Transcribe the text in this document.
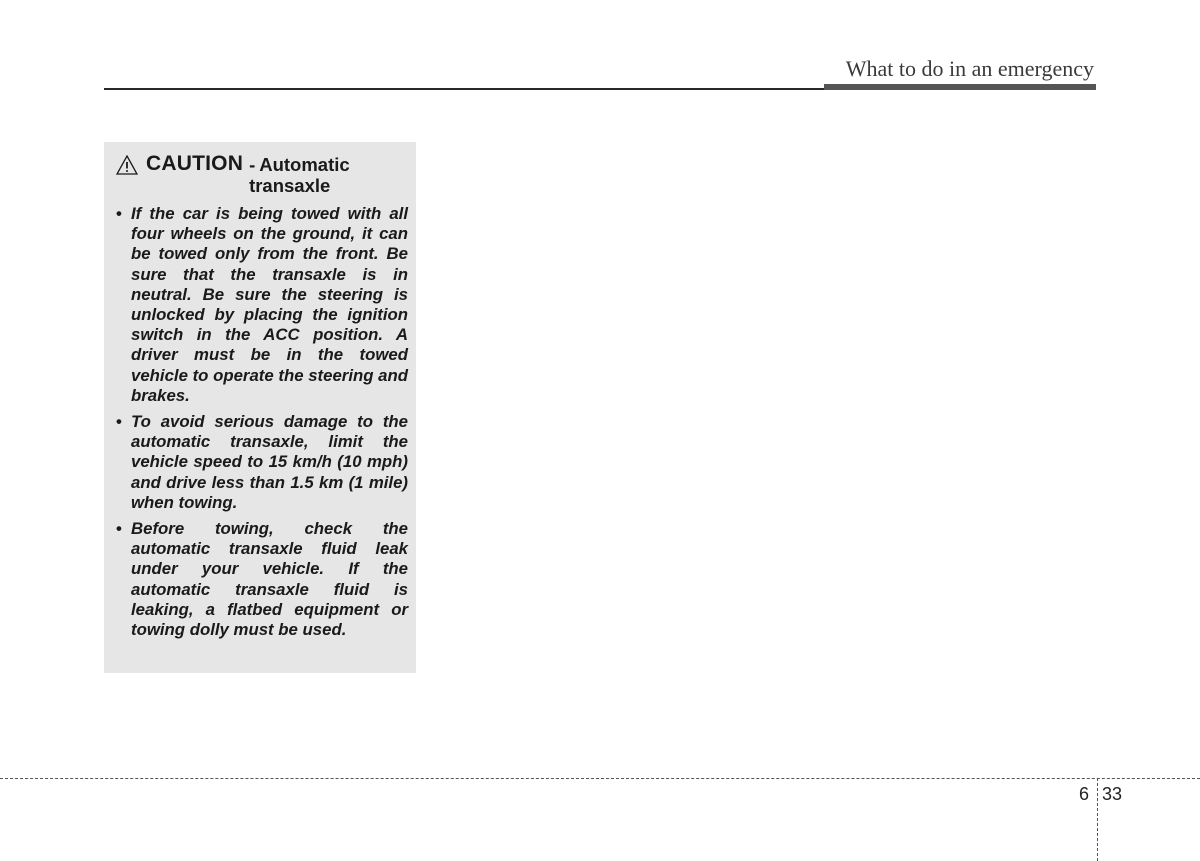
What to do in an emergency
CAUTION - Automatic transaxle
• If the car is being towed with all four wheels on the ground, it can be towed only from the front. Be sure that the transaxle is in neutral. Be sure the steering is unlocked by placing the ignition switch in the ACC position. A driver must be in the towed vehicle to operate the steering and brakes.
• To avoid serious damage to the automatic transaxle, limit the vehicle speed to 15 km/h (10 mph) and drive less than 1.5 km (1 mile) when towing.
• Before towing, check the automatic transaxle fluid leak under your vehicle. If the automatic transaxle fluid is leaking, a flatbed equipment or towing dolly must be used.
6 33
